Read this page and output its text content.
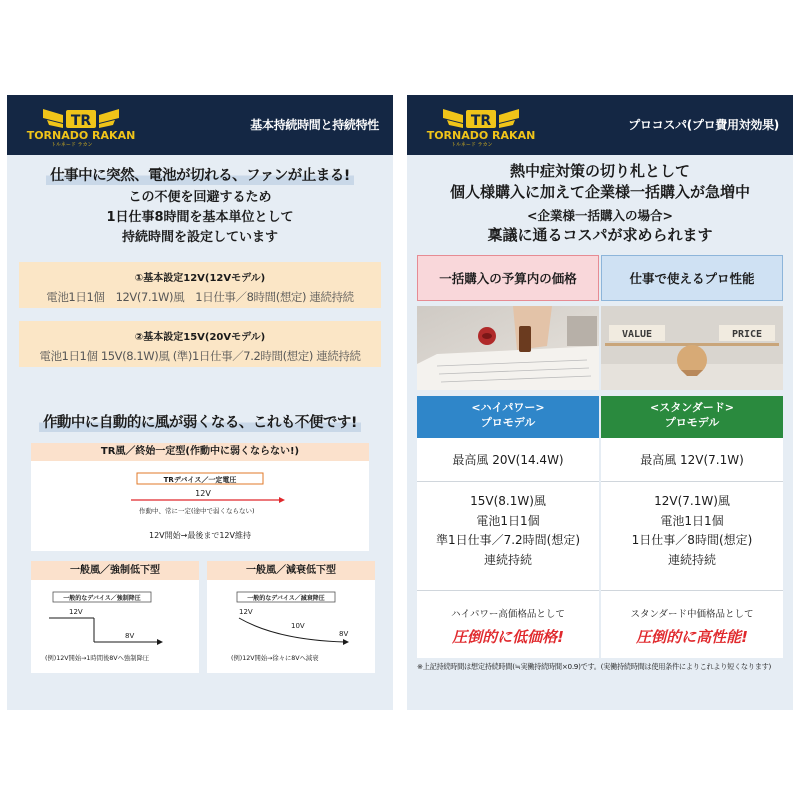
TR
TORNADO RAKAN
トルネード ラカン
基本持続時間と持続特性
仕事中に突然、電池が切れる、ファンが止まる!
この不便を回避するため
1日仕事8時間を基本単位として
持続時間を設定しています
①基本設定12V(12Vモデル)
電池1日1個　12V(7.1W)風　1日仕事／8時間(想定) 連続持続
②基本設定15V(20Vモデル)
電池1日1個 15V(8.1W)風 (準)1日仕事／7.2時間(想定) 連続持続
作動中に自動的に風が弱くなる、これも不便です!
TR風／終始一定型(作動中に弱くならない!)
TRデバイス／一定電圧
12V
作動中、常に一定(途中で弱くならない)
12V開始→最後まで12V維持
一般風／強制低下型
一般的なデバイス／強制降圧
12V
8V
(例)12V開始→1時間後8Vへ強制降圧
一般風／減衰低下型
一般的なデバイス／減衰降圧
12V
10V
8V
(例)12V開始→徐々に8Vへ減衰
TR
TORNADO RAKAN
トルネード ラカン
プロコスパ(プロ費用対効果)
熱中症対策の切り札として
個人様購入に加えて企業様一括購入が急増中
<企業様一括購入の場合>
稟議に通るコスパが求められます
一括購入の予算内の価格	仕事で使えるプロ性能
VALUE	PRICE
<ハイパワー>
プロモデル
最高風 20V(14.4W)
15V(8.1W)風
電池1日1個
準1日仕事／7.2時間(想定)
連続持続
ハイパワー高価格品として
圧倒的に低価格!
<スタンダード>
プロモデル
最高風 12V(7.1W)
12V(7.1W)風
電池1日1個
1日仕事／8時間(想定)
連続持続
スタンダード中価格品として
圧倒的に高性能!
※上記持続時間は想定持続時間(≒実働持続時間×0.9)です。(実働持続時間は使用条件によりこれより短くなります)
